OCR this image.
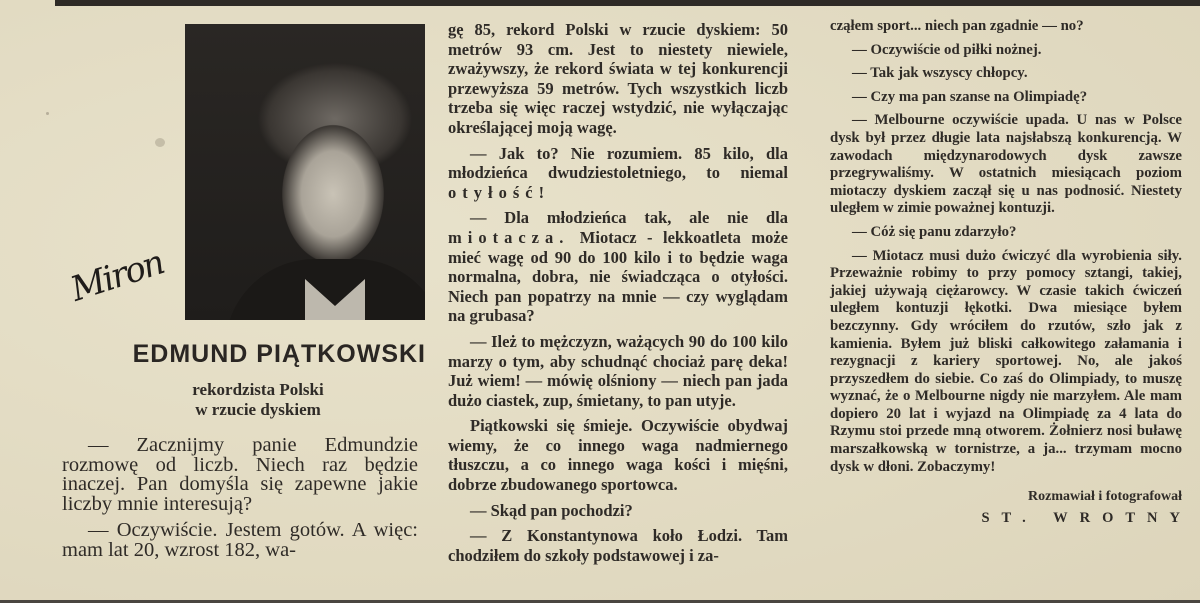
Miron
EDMUND PIĄTKOWSKI
rekordzista Polski
w rzucie dyskiem

— Zacznijmy panie Edmundzie rozmowę od liczb. Niech raz będzie inaczej. Pan domyśla się zapewne jakie liczby mnie interesują?

— Oczywiście. Jestem gotów. A więc: mam lat 20, wzrost 182, wa-

gę 85, rekord Polski w rzucie dyskiem: 50 metrów 93 cm. Jest to niestety niewiele, zważywszy, że rekord świata w tej konkurencji przewyższa 59 metrów. Tych wszystkich liczb trzeba się więc raczej wstydzić, nie wyłączając określającej moją wagę.

— Jak to? Nie rozumiem. 85 kilo, dla młodzieńca dwudziestoletniego, to niemal otyłość!

— Dla młodzieńca tak, ale nie dla miotacza. Miotacz - lekkoatleta może mieć wagę od 90 do 100 kilo i to będzie waga normalna, dobra, nie świadcząca o otyłości. Niech pan popatrzy na mnie — czy wyglądam na grubasa?

— Ileż to mężczyzn, ważących 90 do 100 kilo marzy o tym, aby schudnąć chociaż parę deka! Już wiem! — mówię olśniony — niech pan jada dużo ciastek, zup, śmietany, to pan utyje.

Piątkowski się śmieje. Oczywiście obydwaj wiemy, że co innego waga nadmiernego tłuszczu, a co innego waga kości i mięśni, dobrze zbudowanego sportowca.

— Skąd pan pochodzi?

— Z Konstantynowa koło Łodzi. Tam chodziłem do szkoły podstawowej i za-

cząłem sport... niech pan zgadnie — no?

— Oczywiście od piłki nożnej.

— Tak jak wszyscy chłopcy.

— Czy ma pan szanse na Olimpiadę?

— Melbourne oczywiście upada. U nas w Polsce dysk był przez długie lata najsłabszą konkurencją. W zawodach międzynarodowych dysk zawsze przegrywaliśmy. W ostatnich miesiącach poziom miotaczy dyskiem zaczął się u nas podnosić. Niestety uległem w zimie poważnej kontuzji.

— Cóż się panu zdarzyło?

— Miotacz musi dużo ćwiczyć dla wyrobienia siły. Przeważnie robimy to przy pomocy sztangi, takiej, jakiej używają ciężarowcy. W czasie takich ćwiczeń uległem kontuzji łękotki. Dwa miesiące byłem bezczynny. Gdy wróciłem do rzutów, szło jak z kamienia. Byłem już bliski całkowitego załamania i rezygnacji z kariery sportowej. No, ale jakoś przyszedłem do siebie. Co zaś do Olimpiady, to muszę wyznać, że o Melbourne nigdy nie marzyłem. Ale mam dopiero 20 lat i wyjazd na Olimpiadę za 4 lata do Rzymu stoi przede mną otworem. Żołnierz nosi buławę marszałkowską w tornistrze, a ja... trzymam mocno dysk w dłoni. Zobaczymy!

Rozmawiał i fotografował
ST. WROTNY
